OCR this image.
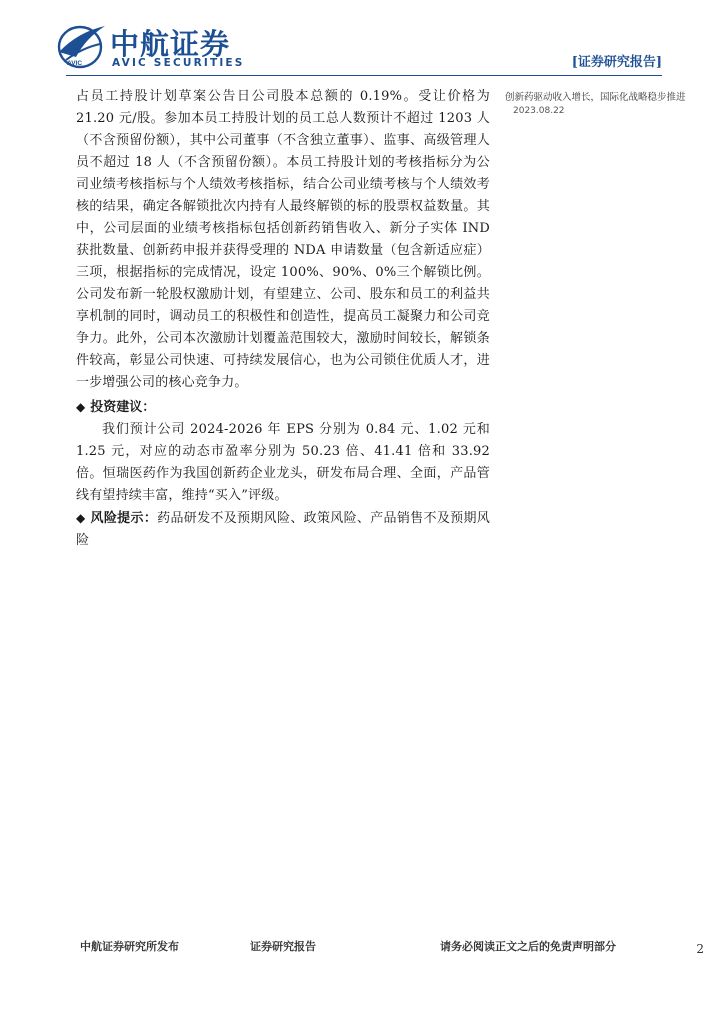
AVIC
中航证券
AVIC SECURITIES	[证券研究报告]
创新药驱动收入增长，国际化战略稳步推进
2023.08.22

占员工持股计划草案公告日公司股本总额的 0.19%。受让价格为 21.20 元/股。参加本员工持股计划的员工总人数预计不超过 1203 人（不含预留份额），其中公司董事（不含独立董事）、监事、高级管理人员不超过 18 人（不含预留份额）。本员工持股计划的考核指标分为公司业绩考核指标与个人绩效考核指标，结合公司业绩考核与个人绩效考核的结果，确定各解锁批次内持有人最终解锁的标的股票权益数量。其中，公司层面的业绩考核指标包括创新药销售收入、新分子实体 IND 获批数量、创新药申报并获得受理的 NDA 申请数量（包含新适应症）三项，根据指标的完成情况，设定 100%、90%、0%三个解锁比例。公司发布新一轮股权激励计划，有望建立、公司、股东和员工的利益共享机制的同时，调动员工的积极性和创造性，提高员工凝聚力和公司竞争力。此外，公司本次激励计划覆盖范围较大，激励时间较长，解锁条件较高，彰显公司快速、可持续发展信心，也为公司锁住优质人才，进一步增强公司的核心竞争力。

◆ 投资建议：

我们预计公司 2024-2026 年 EPS 分别为 0.84 元、1.02 元和 1.25 元，对应的动态市盈率分别为 50.23 倍、41.41 倍和 33.92 倍。恒瑞医药作为我国创新药企业龙头，研发布局合理、全面，产品管线有望持续丰富，维持“买入”评级。

◆ 风险提示：药品研发不及预期风险、政策风险、产品销售不及预期风险

中航证券研究所发布	证券研究报告	请务必阅读正文之后的免责声明部分	2
